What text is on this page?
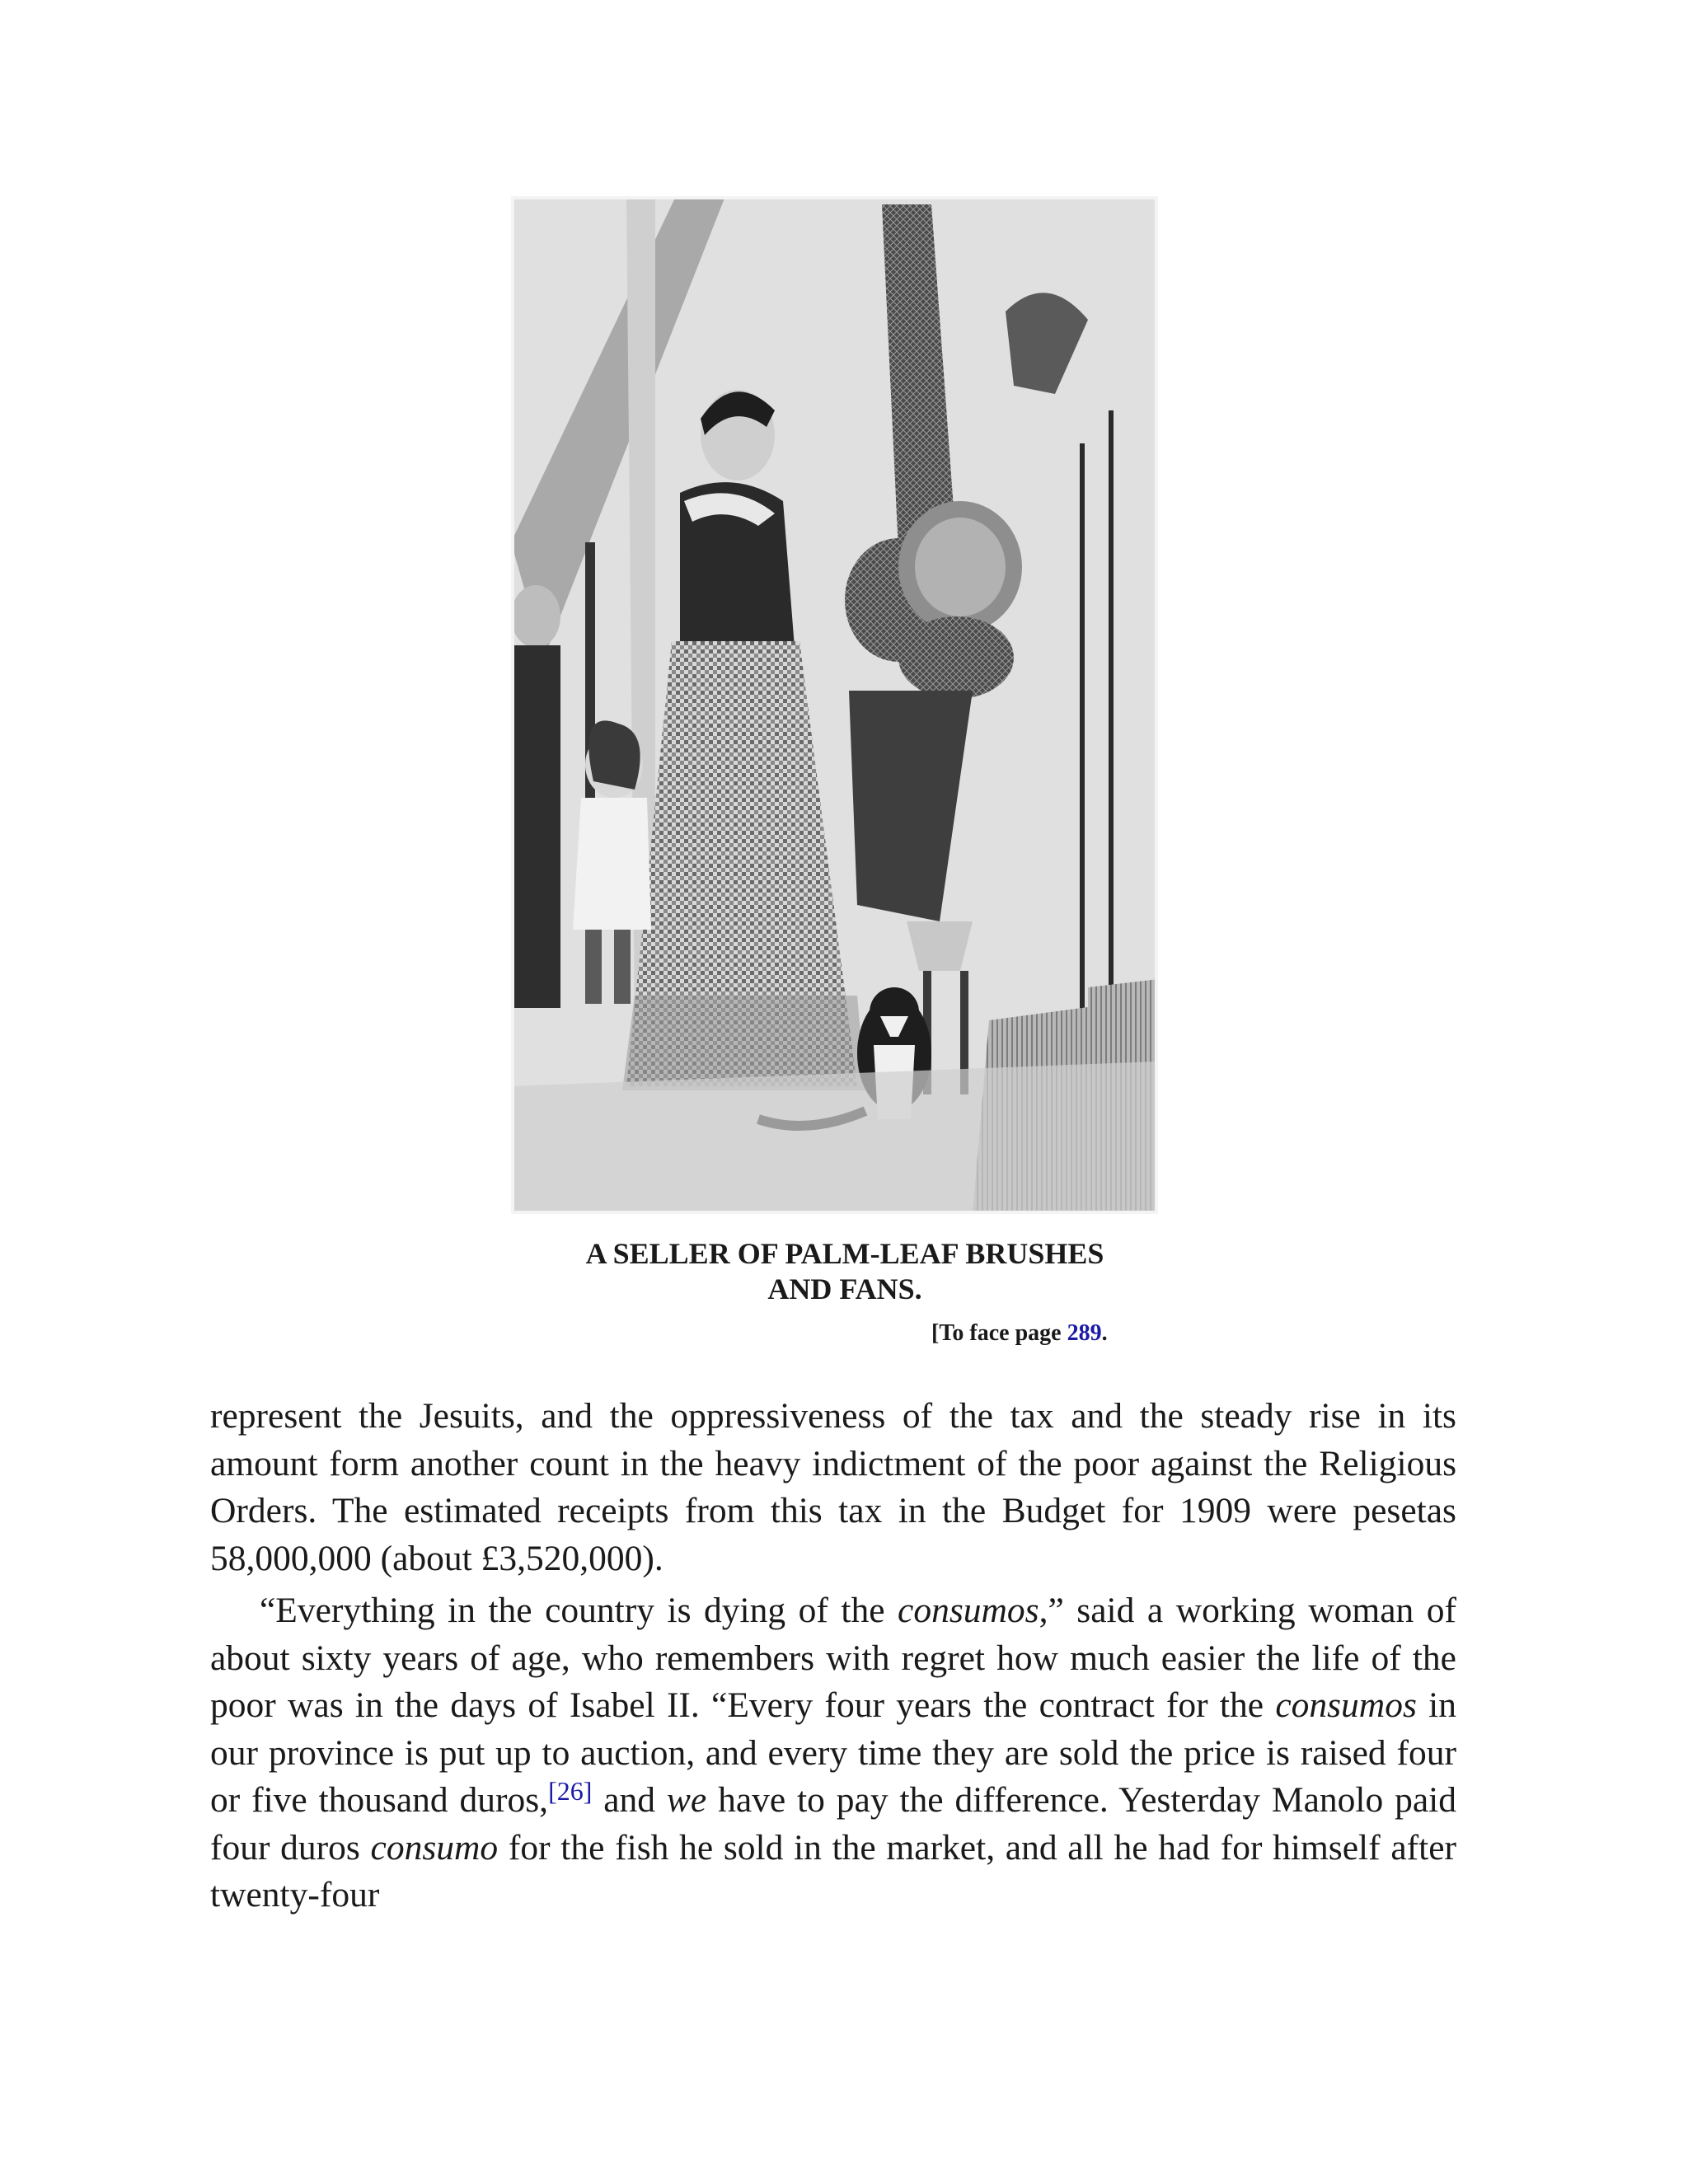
A SELLER OF PALM-LEAF BRUSHES
AND FANS.
[To face page 289.

represent the Jesuits, and the oppressiveness of the tax and the steady rise in its amount form another count in the heavy indictment of the poor against the Religious Orders. The estimated receipts from this tax in the Budget for 1909 were pesetas 58,000,000 (about £3,520,000).

“Everything in the country is dying of the consumos,” said a working woman of about sixty years of age, who remembers with regret how much easier the life of the poor was in the days of Isabel II. “Every four years the contract for the consumos in our province is put up to auction, and every time they are sold the price is raised four or five thousand duros,[26] and we have to pay the difference. Yesterday Manolo paid four duros consumo for the fish he sold in the market, and all he had for himself after twenty-four
